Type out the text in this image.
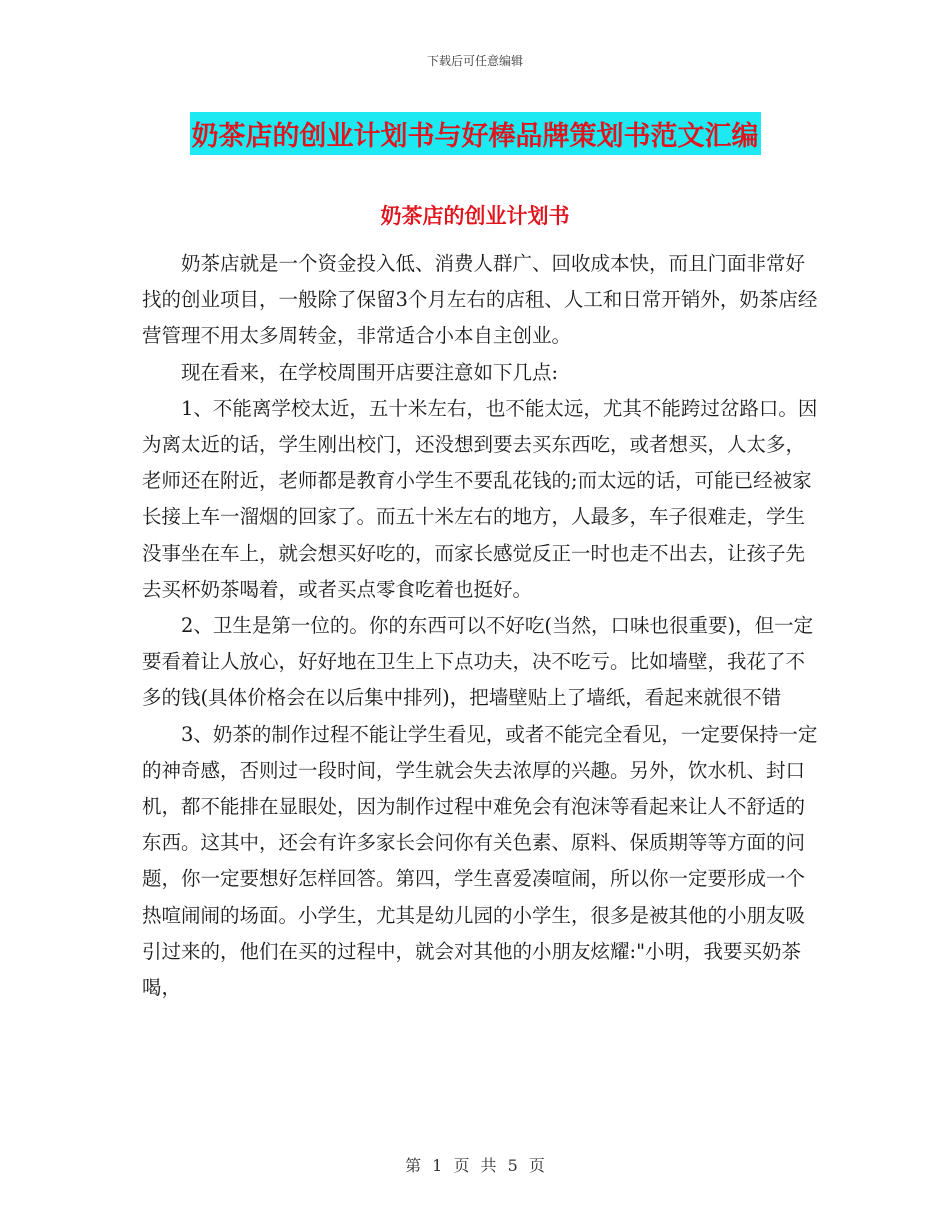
下载后可任意编辑
奶茶店的创业计划书与好棒品牌策划书范文汇编
奶茶店的创业计划书

奶茶店就是一个资金投入低、消费人群广、回收成本快，而且门面非常好找的创业项目，一般除了保留3个月左右的店租、人工和日常开销外，奶茶店经营管理不用太多周转金，非常适合小本自主创业。

现在看来，在学校周围开店要注意如下几点:

1、不能离学校太近，五十米左右，也不能太远，尤其不能跨过岔路口。因为离太近的话，学生刚出校门，还没想到要去买东西吃，或者想买，人太多，老师还在附近，老师都是教育小学生不要乱花钱的;而太远的话，可能已经被家长接上车一溜烟的回家了。而五十米左右的地方，人最多，车子很难走，学生没事坐在车上，就会想买好吃的，而家长感觉反正一时也走不出去，让孩子先去买杯奶茶喝着，或者买点零食吃着也挺好。

2、卫生是第一位的。你的东西可以不好吃(当然，口味也很重要)，但一定要看着让人放心，好好地在卫生上下点功夫，决不吃亏。比如墙壁，我花了不多的钱(具体价格会在以后集中排列)，把墙壁贴上了墙纸，看起来就很不错

3、奶茶的制作过程不能让学生看见，或者不能完全看见，一定要保持一定的神奇感，否则过一段时间，学生就会失去浓厚的兴趣。另外，饮水机、封口机，都不能排在显眼处，因为制作过程中难免会有泡沫等看起来让人不舒适的东西。这其中，还会有许多家长会问你有关色素、原料、保质期等等方面的问题，你一定要想好怎样回答。第四，学生喜爱凑喧闹，所以你一定要形成一个热喧闹闹的场面。小学生，尤其是幼儿园的小学生，很多是被其他的小朋友吸引过来的，他们在买的过程中，就会对其他的小朋友炫耀:"小明，我要买奶茶喝，

第 1 页 共 5 页
